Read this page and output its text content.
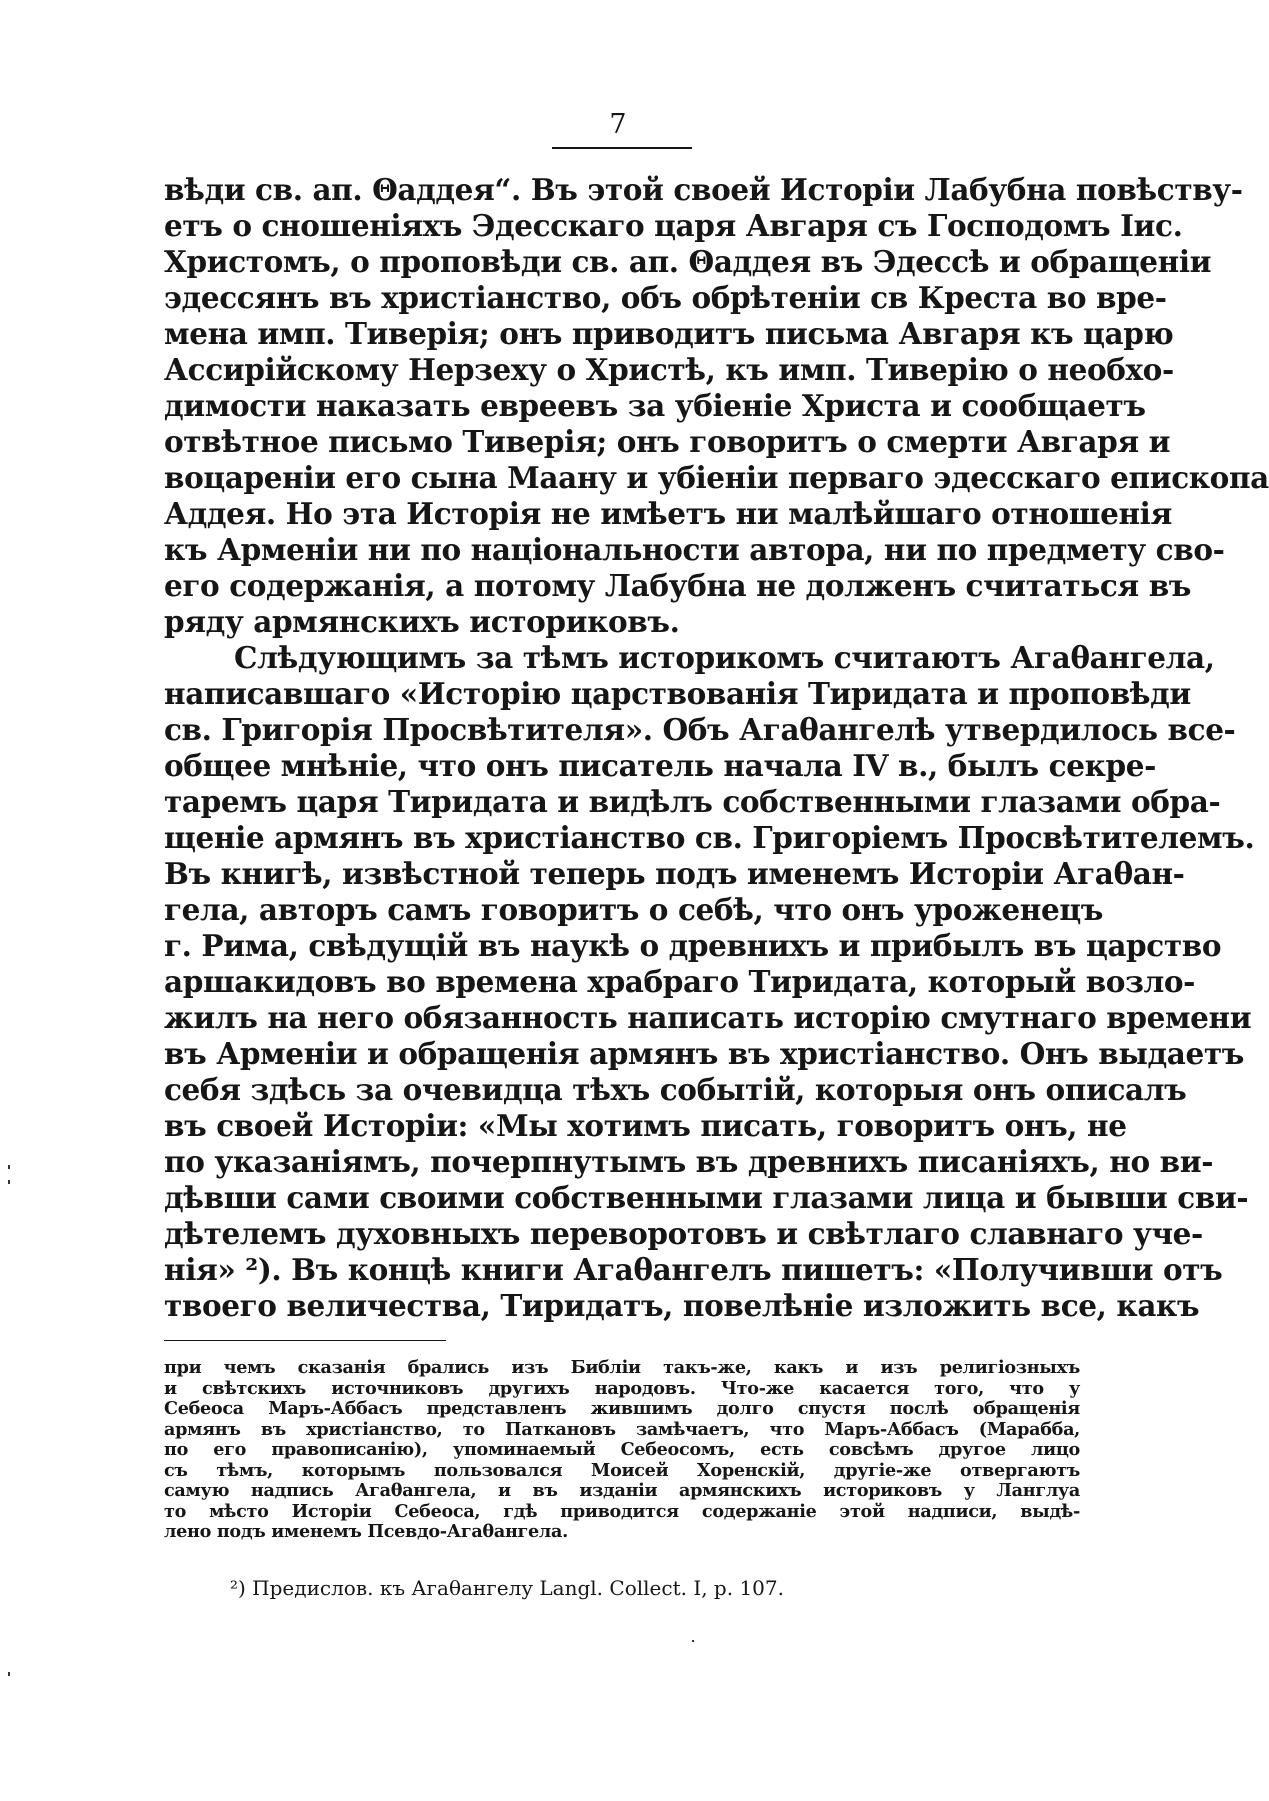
7
вѣди св. ап. Θаддея“. Въ этой своей Исторіи Лабубна повѣству-
етъ о сношеніяхъ Эдесскаго царя Авгаря съ Господомъ Іис.
Христомъ, о проповѣди св. ап. Θаддея въ Эдессѣ и обращеніи
эдессянъ въ христіанство, объ обрѣтеніи св Креста во вре-
мена имп. Тиверія; онъ приводитъ письма Авгаря къ царю
Ассирійскому Нерзеху о Христѣ, къ имп. Тиверію о необхо-
димости наказать евреевъ за убіеніе Христа и сообщаетъ
отвѣтное письмо Тиверія; онъ говоритъ о смерти Авгаря и
воцареніи его сына Маану и убіеніи перваго эдесскаго епископа
Аддея. Но эта Исторія не имѣетъ ни малѣйшаго отношенія
къ Арменіи ни по національности автора, ни по предмету сво-
его содержанія, а потому Лабубна не долженъ считаться въ
ряду армянскихъ историковъ.
Слѣдующимъ за тѣмъ историкомъ считаютъ Агаθангела,
написавшаго «Исторію царствованія Тиридата и проповѣди
св. Григорія Просвѣтителя». Объ Агаθангелѣ утвердилось все-
общее мнѣніе, что онъ писатель начала IV в., былъ секре-
таремъ царя Тиридата и видѣлъ собственными глазами обра-
щеніе армянъ въ христіанство св. Григоріемъ Просвѣтителемъ.
Въ книгѣ, извѣстной теперь подъ именемъ Исторіи Агаθан-
гела, авторъ самъ говоритъ о себѣ, что онъ уроженецъ
г. Рима, свѣдущій въ наукѣ о древнихъ и прибылъ въ царство
аршакидовъ во времена храбраго Тиридата, который возло-
жилъ на него обязанность написать исторію смутнаго времени
въ Арменіи и обращенія армянъ въ христіанство. Онъ выдаетъ
себя здѣсь за очевидца тѣхъ событій, которыя онъ описалъ
въ своей Исторіи: «Мы хотимъ писать, говоритъ онъ, не
по указаніямъ, почерпнутымъ въ древнихъ писаніяхъ, но ви-
дѣвши сами своими собственными глазами лица и бывши сви-
дѣтелемъ духовныхъ переворотовъ и свѣтлаго славнаго уче-
нія» ²). Въ концѣ книги Агаθангелъ пишетъ: «Получивши отъ
твоего величества, Тиридатъ, повелѣніе изложить все, какъ
при чемъ сказанія брались изъ Библіи такъ-же, какъ и изъ религіозныхъ
и свѣтскихъ источниковъ другихъ народовъ. Что-же касается того, что у
Себеоса Маръ-Аббасъ представленъ жившимъ долго спустя послѣ обращенія
армянъ въ христіанство, то Паткановъ замѣчаетъ, что Маръ-Аббасъ (Марабба,
по его правописанію), упоминаемый Себеосомъ, есть совсѣмъ другое лицо
съ тѣмъ, которымъ пользовался Моисей Хоренскій, другіе-же отвергаютъ
самую надпись Агаθангела, и въ изданіи армянскихъ историковъ у Ланглуа
то мѣсто Исторіи Себеоса, гдѣ приводится содержаніе этой надписи, выдѣ-
лено подъ именемъ Псевдо-Агаθангела.
²) Предислов. къ Агаθангелу Langl. Collect. I, p. 107.
